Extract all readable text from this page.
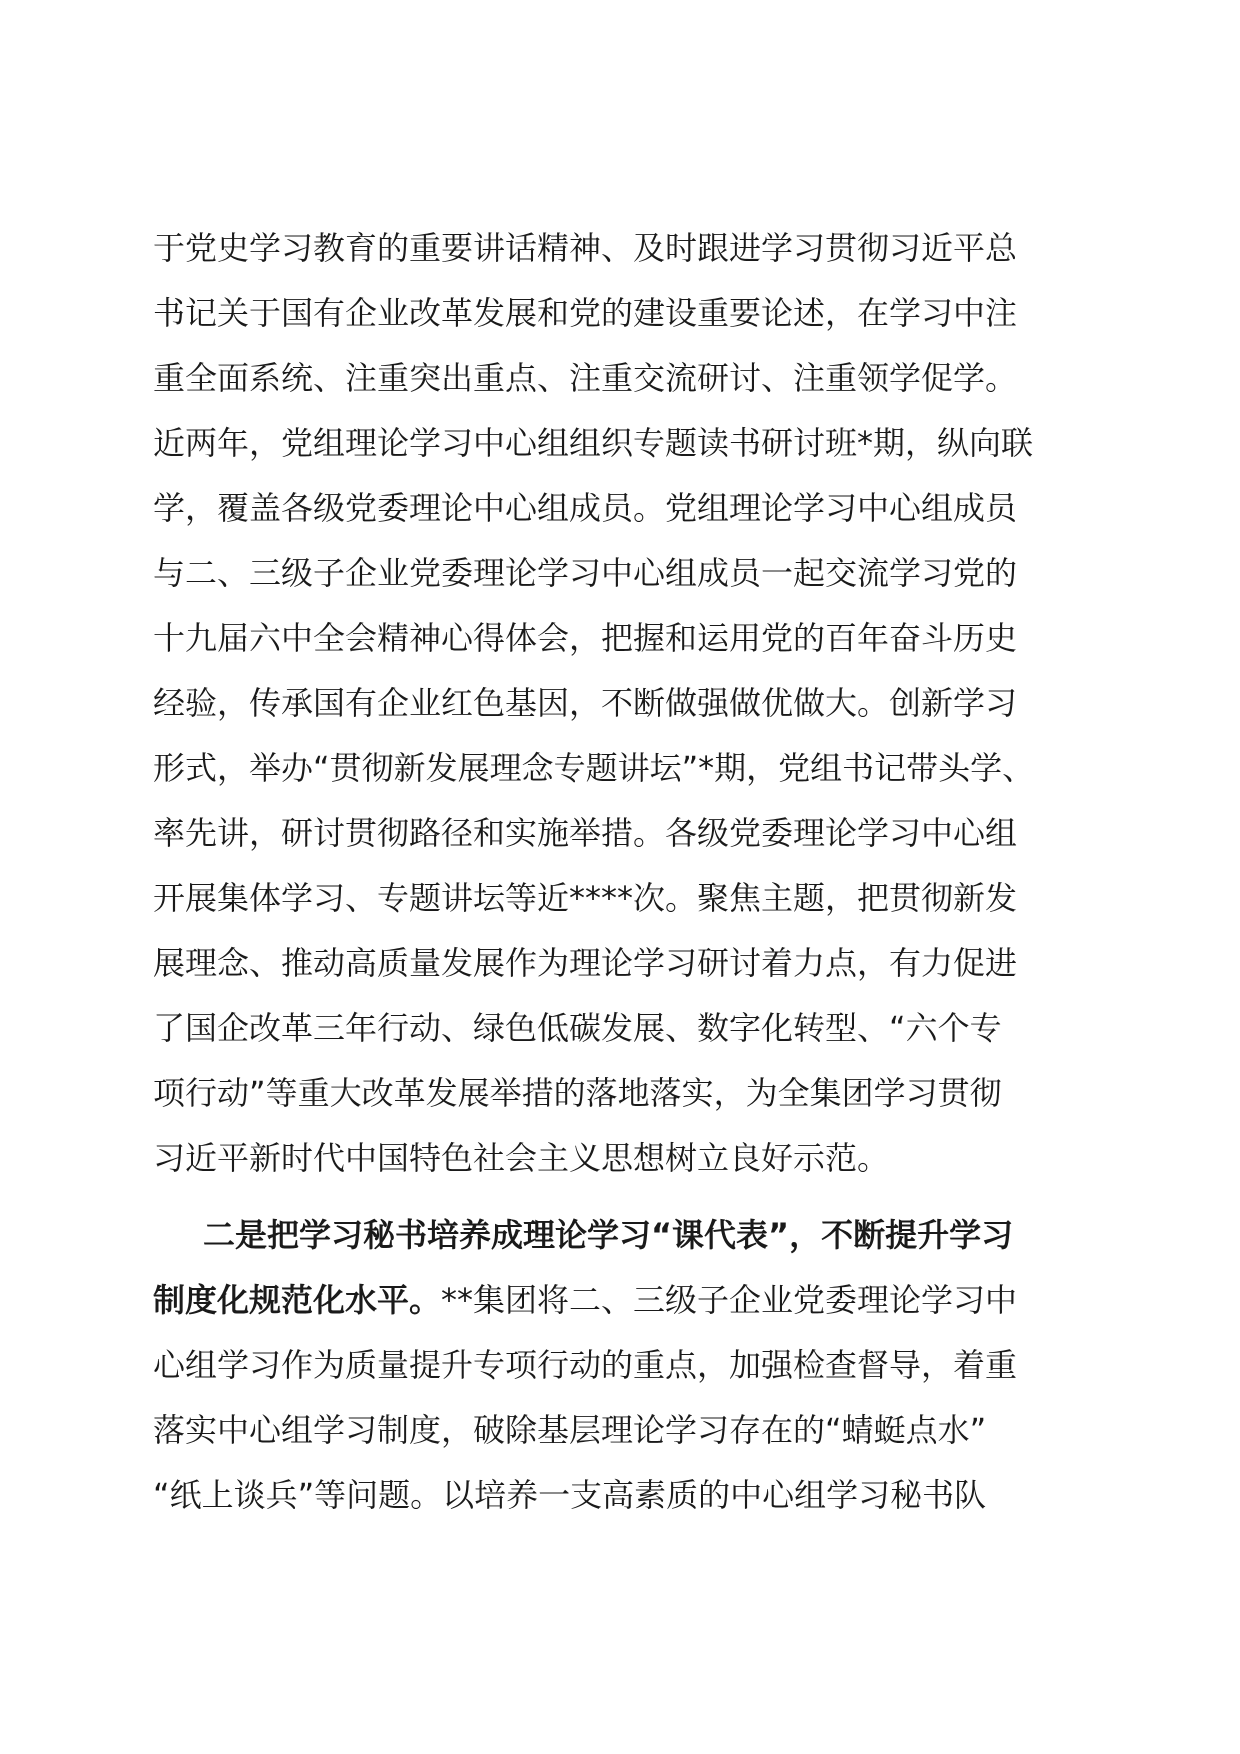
于党史学习教育的重要讲话精神、及时跟进学习贯彻习近平总
书记关于国有企业改革发展和党的建设重要论述，在学习中注
重全面系统、注重突出重点、注重交流研讨、注重领学促学。
近两年，党组理论学习中心组组织专题读书研讨班*期，纵向联
学，覆盖各级党委理论中心组成员。党组理论学习中心组成员
与二、三级子企业党委理论学习中心组成员一起交流学习党的
十九届六中全会精神心得体会，把握和运用党的百年奋斗历史
经验，传承国有企业红色基因，不断做强做优做大。创新学习
形式，举办“贯彻新发展理念专题讲坛”*期，党组书记带头学、
率先讲，研讨贯彻路径和实施举措。各级党委理论学习中心组
开展集体学习、专题讲坛等近****次。聚焦主题，把贯彻新发
展理念、推动高质量发展作为理论学习研讨着力点，有力促进
了国企改革三年行动、绿色低碳发展、数字化转型、“六个专
项行动”等重大改革发展举措的落地落实，为全集团学习贯彻
习近平新时代中国特色社会主义思想树立良好示范。
二是把学习秘书培养成理论学习“课代表”，不断提升学习
制度化规范化水平。**集团将二、三级子企业党委理论学习中
心组学习作为质量提升专项行动的重点，加强检查督导，着重
落实中心组学习制度，破除基层理论学习存在的“蜻蜓点水”
“纸上谈兵”等问题。以培养一支高素质的中心组学习秘书队
